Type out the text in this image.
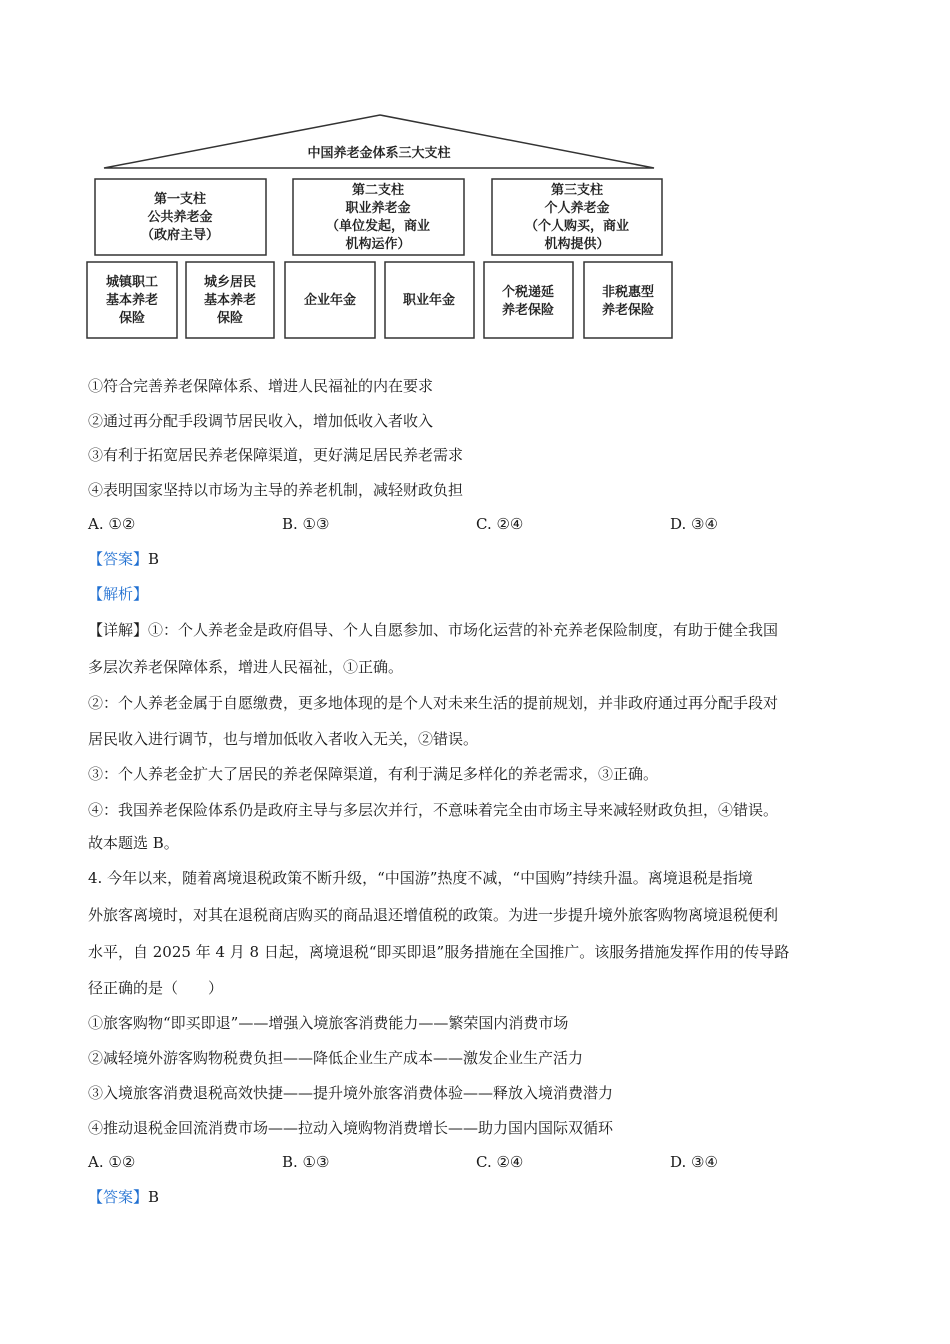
中国养老金体系三大支柱
第一支柱
公共养老金
（政府主导）
第二支柱
职业养老金
（单位发起，商业
机构运作）
第三支柱
个人养老金
（个人购买，商业
机构提供）
城镇职工
基本养老
保险
城乡居民
基本养老
保险
企业年金	职业年金
个税递延
养老保险
非税惠型
养老保险
①符合完善养老保障体系、增进人民福祉的内在要求
②通过再分配手段调节居民收入，增加低收入者收入
③有利于拓宽居民养老保障渠道，更好满足居民养老需求
④表明国家坚持以市场为主导的养老机制，减轻财政负担
A. ①②	B. ①③	C. ②④	D. ③④
【答案】B
【解析】
【详解】①：个人养老金是政府倡导、个人自愿参加、市场化运营的补充养老保险制度，有助于健全我国
多层次养老保障体系，增进人民福祉，①正确。
②：个人养老金属于自愿缴费，更多地体现的是个人对未来生活的提前规划，并非政府通过再分配手段对
居民收入进行调节，也与增加低收入者收入无关，②错误。
③：个人养老金扩大了居民的养老保障渠道，有利于满足多样化的养老需求，③正确。
④：我国养老保险体系仍是政府主导与多层次并行，不意味着完全由市场主导来减轻财政负担，④错误。
故本题选 B。
4. 今年以来，随着离境退税政策不断升级，“中国游”热度不减，“中国购”持续升温。离境退税是指境
外旅客离境时，对其在退税商店购买的商品退还增值税的政策。为进一步提升境外旅客购物离境退税便利
水平，自 2025 年 4 月 8 日起，离境退税“即买即退”服务措施在全国推广。该服务措施发挥作用的传导路
径正确的是（　　）
①旅客购物“即买即退”——增强入境旅客消费能力——繁荣国内消费市场
②减轻境外游客购物税费负担——降低企业生产成本——激发企业生产活力
③入境旅客消费退税高效快捷——提升境外旅客消费体验——释放入境消费潜力
④推动退税金回流消费市场——拉动入境购物消费增长——助力国内国际双循环
A. ①②	B. ①③	C. ②④	D. ③④
【答案】B
